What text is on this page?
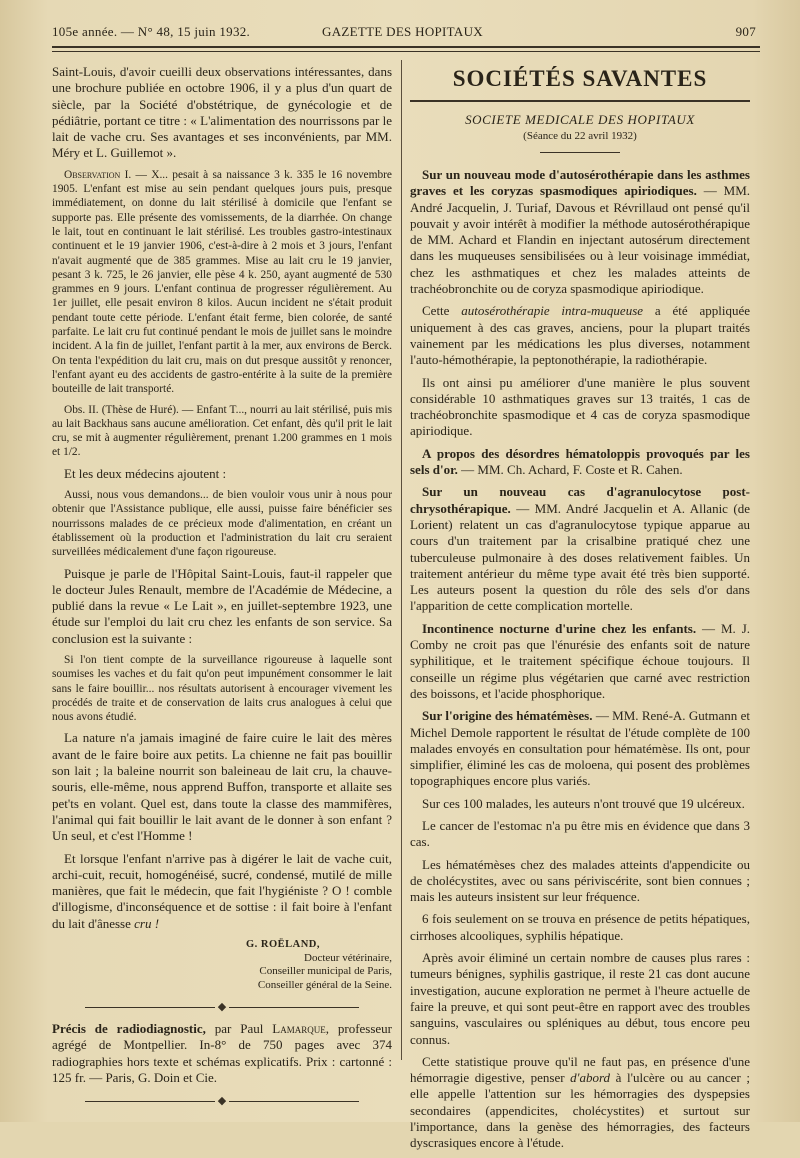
105e année. — N° 48, 15 juin 1932.	GAZETTE DES HOPITAUX	907

Saint-Louis, d'avoir cueilli deux observations intéressantes, dans une brochure publiée en octobre 1906, il y a plus d'un quart de siècle, par la Société d'obstétrique, de gynécologie et de pédiâtrie, portant ce titre : « L'alimentation des nourrissons par le lait de vache cru. Ses avantages et ses inconvénients, par MM. Méry et L. Guillemot ».

Observation I. — X... pesait à sa naissance 3 k. 335 le 16 novembre 1905. L'enfant est mise au sein pendant quelques jours puis, presque immédiatement, on donne du lait stérilisé à domicile que l'enfant se supporte pas. Elle présente des vomissements, de la diarrhée. On change le lait, tout en continuant le lait stérilisé. Les troubles gastro-intestinaux continuent et le 19 janvier 1906, c'est-à-dire à 2 mois et 3 jours, l'enfant n'avait augmenté que de 385 grammes. Mise au lait cru le 19 janvier, pesant 3 k. 725, le 26 janvier, elle pèse 4 k. 250, ayant augmenté de 530 grammes en 9 jours. L'enfant continua de progresser régulièrement. Au 1er juillet, elle pesait environ 8 kilos. Aucun incident ne s'était produit pendant toute cette période. L'enfant était ferme, bien colorée, de santé parfaite. Le lait cru fut continué pendant le mois de juillet sans le moindre incident. A la fin de juillet, l'enfant partit à la mer, aux environs de Berck. On tenta l'expédition du lait cru, mais on dut presque aussitôt y renoncer, l'enfant ayant eu des accidents de gastro-entérite à la suite de la première bouteille de lait transporté.

Obs. II. (Thèse de Huré). — Enfant T..., nourri au lait stérilisé, puis mis au lait Backhaus sans aucune amélioration. Cet enfant, dès qu'il prit le lait cru, se mit à augmenter régulièrement, prenant 1.200 grammes en 1 mois et 1/2.

Et les deux médecins ajoutent :

Aussi, nous vous demandons... de bien vouloir vous unir à nous pour obtenir que l'Assistance publique, elle aussi, puisse faire bénéficier ses nourrissons malades de ce précieux mode d'alimentation, en créant un établissement où la production et l'administration du lait cru seraient surveillées médicalement d'une façon rigoureuse.

Puisque je parle de l'Hôpital Saint-Louis, faut-il rappeler que le docteur Jules Renault, membre de l'Académie de Médecine, a publié dans la revue « Le Lait », en juillet-septembre 1923, une étude sur l'emploi du lait cru chez les enfants de son service. Sa conclusion est la suivante :

Si l'on tient compte de la surveillance rigoureuse à laquelle sont soumises les vaches et du fait qu'on peut impunément consommer le lait sans le faire bouillir... nos résultats autorisent à encourager vivement les procédés de traite et de conservation de laits crus analogues à celui que nous avons étudié.

La nature n'a jamais imaginé de faire cuire le lait des mères avant de le faire boire aux petits. La chienne ne fait pas bouillir son lait ; la baleine nourrit son baleineau de lait cru, la chauve-souris, elle-même, nous apprend Buffon, transporte et allaite ses pet'ts en volant. Quel est, dans toute la classe des mammifères, l'animal qui fait bouillir le lait avant de le donner à son enfant ? Un seul, et c'est l'Homme !

Et lorsque l'enfant n'arrive pas à digérer le lait de vache cuit, archi-cuit, recuit, homogénéisé, sucré, condensé, mutilé de mille manières, que fait le médecin, que fait l'hygiéniste ? O ! comble d'illogisme, d'inconséquence et de sottise : il fait boire à l'enfant du lait d'ânesse cru !

G. ROËLAND,
Docteur vétérinaire,
Conseiller municipal de Paris,
Conseiller général de la Seine.
◆

Précis de radiodiagnostic, par Paul Lamarque, professeur agrégé de Montpellier. In-8° de 750 pages avec 374 radiographies hors texte et schémas explicatifs. Prix : cartonné : 125 fr. — Paris, G. Doin et Cie.

◆
SOCIÉTÉS SAVANTES
SOCIETE MEDICALE DES HOPITAUX
(Séance du 22 avril 1932)

Sur un nouveau mode d'autosérothérapie dans les asthmes graves et les coryzas spasmodiques apiriodiques. — MM. André Jacquelin, J. Turiaf, Davous et Révrillaud ont pensé qu'il pouvait y avoir intérêt à modifier la méthode autosérothérapique de MM. Achard et Flandin en injectant autosérum directement dans les muqueuses sensibilisées ou à leur voisinage immédiat, chez les asthmatiques et chez les malades atteints de trachéobronchite ou de coryza spasmodique apiriodique.

Cette autosérothérapie intra-muqueuse a été appliquée uniquement à des cas graves, anciens, pour la plupart traités vainement par les médications les plus diverses, notamment l'auto-hémothérapie, la peptonothérapie, la radiothérapie.

Ils ont ainsi pu améliorer d'une manière le plus souvent considérable 10 asthmatiques graves sur 13 traités, 1 cas de trachéobronchite spasmodique et 4 cas de coryza spasmodique apiriodique.

A propos des désordres hématoloppis provoqués par les sels d'or. — MM. Ch. Achard, F. Coste et R. Cahen.

Sur un nouveau cas d'agranulocytose post-chrysothérapique. — MM. André Jacquelin et A. Allanic (de Lorient) relatent un cas d'agranulocytose typique apparue au cours d'un traitement par la crisalbine pratiqué chez une tuberculeuse pulmonaire à des doses relativement faibles. Un traitement antérieur du même type avait été très bien supporté. Les auteurs posent la question du rôle des sels d'or dans l'apparition de cette complication mortelle.

Incontinence nocturne d'urine chez les enfants. — M. J. Comby ne croit pas que l'énurésie des enfants soit de nature syphilitique, et le traitement spécifique échoue toujours. Il conseille un régime plus végétarien que carné avec restriction des boissons, et l'acide phosphorique.

Sur l'origine des hématémèses. — MM. René-A. Gutmann et Michel Demole rapportent le résultat de l'étude complète de 100 malades envoyés en consultation pour hématémèse. Ils ont, pour simplifier, éliminé les cas de moloena, qui posent des problèmes topographiques encore plus variés.

Sur ces 100 malades, les auteurs n'ont trouvé que 19 ulcéreux.

Le cancer de l'estomac n'a pu être mis en évidence que dans 3 cas.

Les hématémèses chez des malades atteints d'appendicite ou de cholécystites, avec ou sans périviscérite, sont bien connues ; mais les auteurs insistent sur leur fréquence.

6 fois seulement on se trouva en présence de petits hépatiques, cirrhoses alcooliques, syphilis hépatique.

Après avoir éliminé un certain nombre de causes plus rares : tumeurs bénignes, syphilis gastrique, il reste 21 cas dont aucune investigation, aucune exploration ne permet à l'heure actuelle de faire la preuve, et qui sont peut-être en rapport avec des troubles sanguins, vasculaires ou spléniques au début, tous encore peu connus.

Cette statistique prouve qu'il ne faut pas, en présence d'une hémorragie digestive, penser d'abord à l'ulcère ou au cancer ; elle appelle l'attention sur les hémorragies des dyspepsies secondaires (appendicites, cholécystites) et surtout sur l'importance, dans la genèse des hémorragies, des facteurs dyscrasiques encore à l'étude.
